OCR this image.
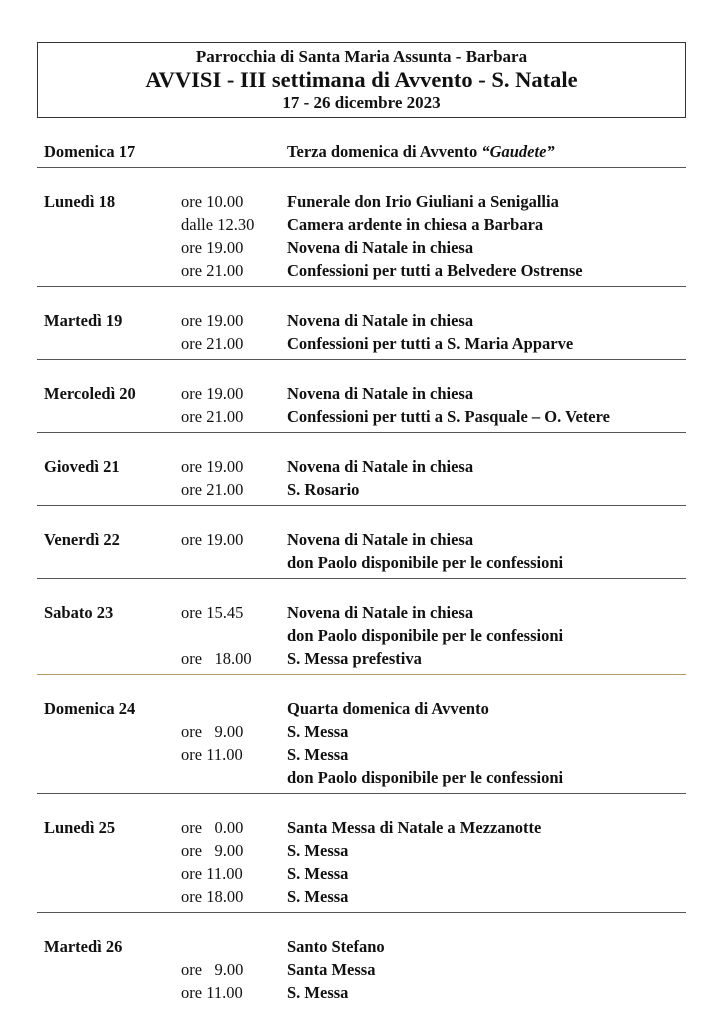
Parrocchia di Santa Maria Assunta - Barbara
AVVISI - III settimana di Avvento - S. Natale
17 - 26 dicembre 2023
Domenica 17	Terza domenica di Avvento “Gaudete”
Lunedì 18	ore 10.00	Funerale don Irio Giuliani a Senigallia
dalle 12.30	Camera ardente in chiesa a Barbara
ore 19.00	Novena di Natale in chiesa
ore 21.00	Confessioni per tutti a Belvedere Ostrense
Martedì 19	ore 19.00	Novena di Natale in chiesa
ore 21.00	Confessioni per tutti a S. Maria Apparve
Mercoledì 20	ore 19.00	Novena di Natale in chiesa
ore 21.00	Confessioni per tutti a S. Pasquale – O. Vetere
Giovedì 21	ore 19.00	Novena di Natale in chiesa
ore 21.00	S. Rosario
Venerdì 22	ore 19.00	Novena di Natale in chiesa
don Paolo disponibile per le confessioni
Sabato 23	ore 15.45	Novena di Natale in chiesa
don Paolo disponibile per le confessioni
ore   18.00	S. Messa prefestiva
Domenica 24	Quarta domenica di Avvento
ore   9.00	S. Messa
ore 11.00	S. Messa
don Paolo disponibile per le confessioni
Lunedì 25	ore   0.00	Santa Messa di Natale a Mezzanotte
ore   9.00	S. Messa
ore 11.00	S. Messa
ore 18.00	S. Messa
Martedì 26	Santo Stefano
ore   9.00	Santa Messa
ore 11.00	S. Messa
